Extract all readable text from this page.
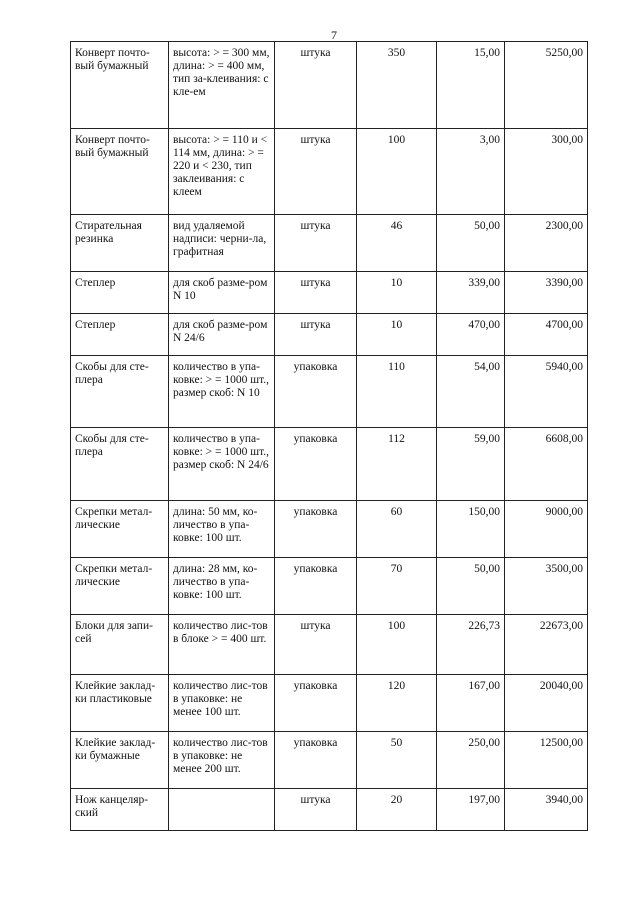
7
Конверт почто-вый бумажный	высота: > = 300 мм, длина: > = 400 мм, тип за-клеивания: с кле-ем	штука	350	15,00	5250,00
Конверт почто-вый бумажный	высота: > = 110 и < 114 мм, длина: > = 220 и < 230, тип заклеивания: с клеем	штука	100	3,00	300,00
Стирательная резинка	вид удаляемой надписи: черни-ла, графитная	штука	46	50,00	2300,00
Степлер	для скоб разме-ром N 10	штука	10	339,00	3390,00
Степлер	для скоб разме-ром N 24/6	штука	10	470,00	4700,00
Скобы для сте-плера	количество в упа-ковке: > = 1000 шт., размер скоб: N 10	упаковка	110	54,00	5940,00
Скобы для сте-плера	количество в упа-ковке: > = 1000 шт., размер скоб: N 24/6	упаковка	112	59,00	6608,00
Скрепки метал-лические	длина: 50 мм, ко-личество в упа-ковке: 100 шт.	упаковка	60	150,00	9000,00
Скрепки метал-лические	длина: 28 мм, ко-личество в упа-ковке: 100 шт.	упаковка	70	50,00	3500,00
Блоки для запи-сей	количество лис-тов в блоке > = 400 шт.	штука	100	226,73	22673,00
Клейкие заклад-ки пластиковые	количество лис-тов в упаковке: не менее 100 шт.	упаковка	120	167,00	20040,00
Клейкие заклад-ки бумажные	количество лис-тов в упаковке: не менее 200 шт.	упаковка	50	250,00	12500,00
Нож канцеляр-ский		штука	20	197,00	3940,00
